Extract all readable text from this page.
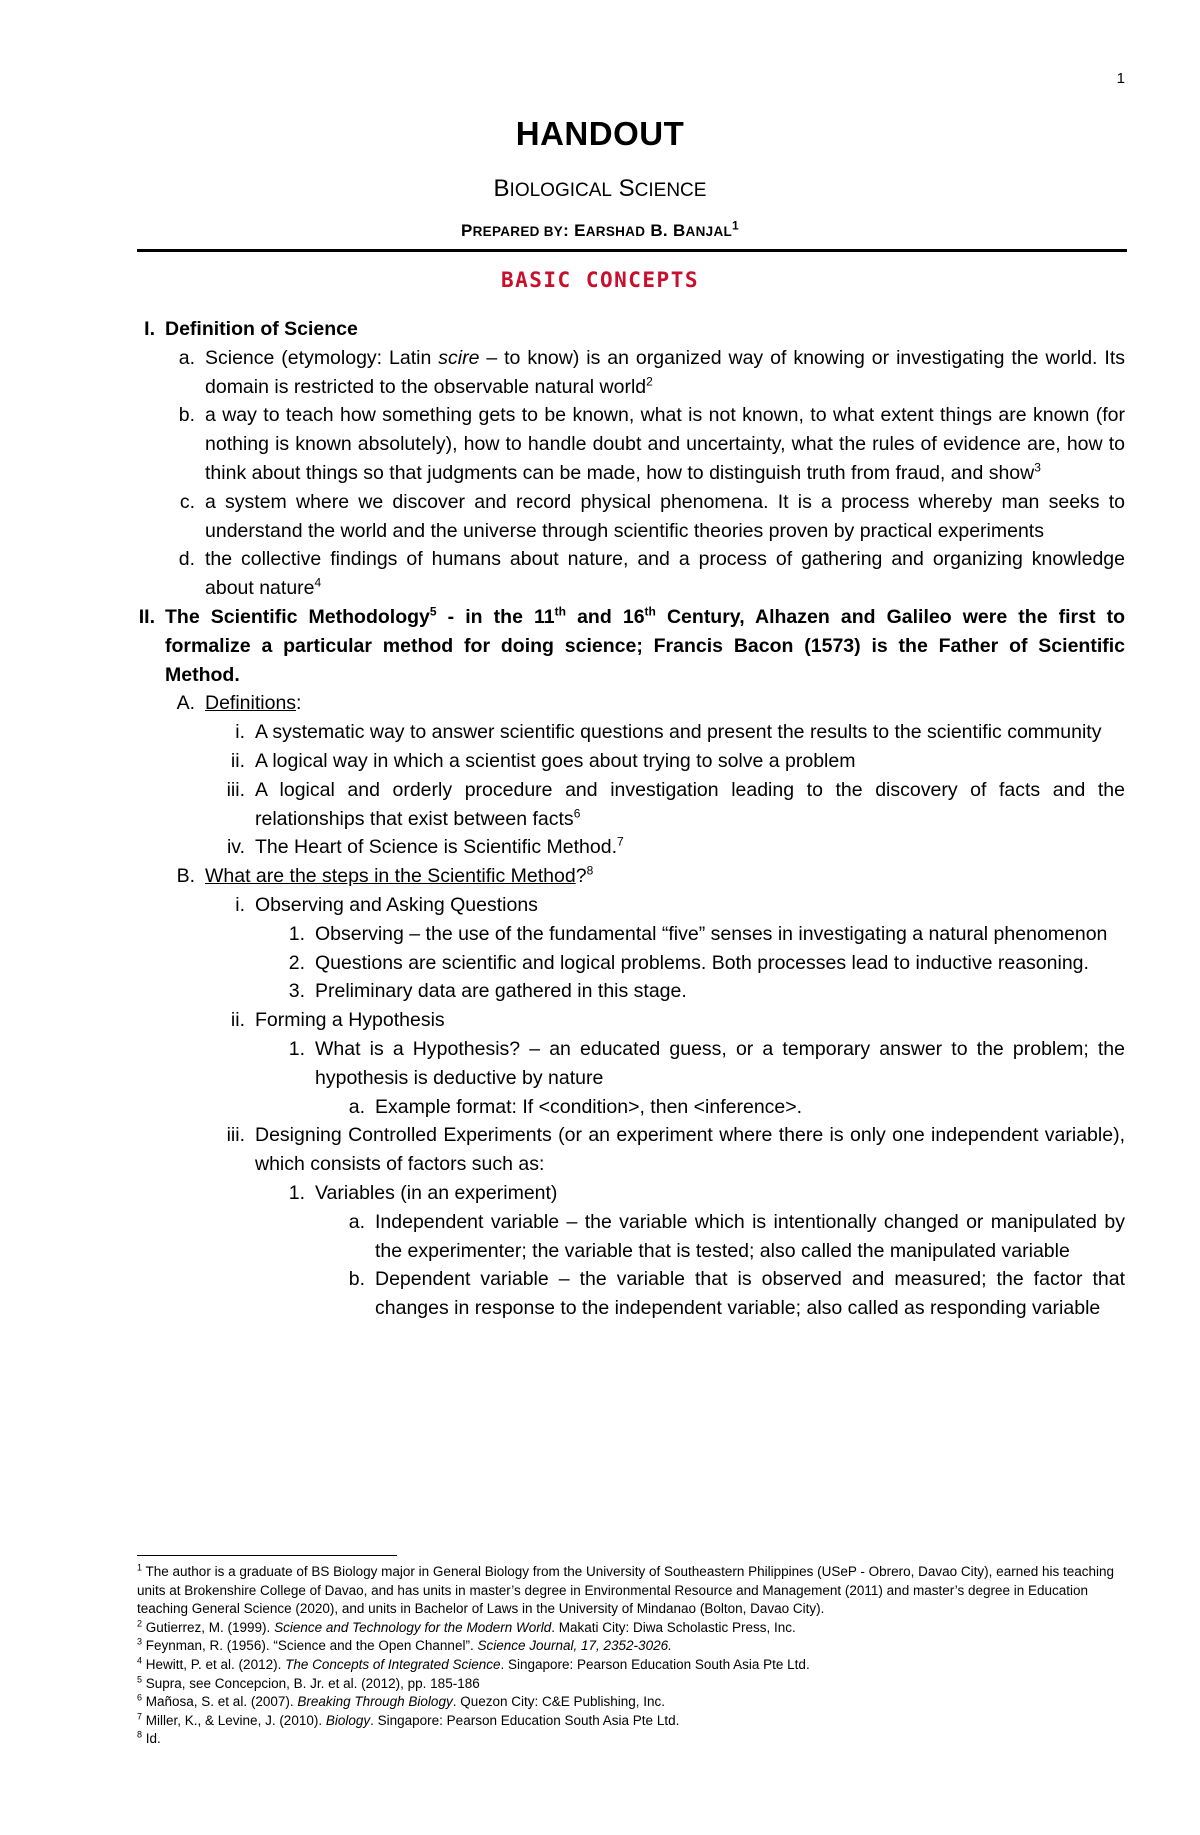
1
HANDOUT
BIOLOGICAL SCIENCE
PREPARED BY: EARSHAD B. BANJAL$^1$
BASIC CONCEPTS
I. Definition of Science
a. Science (etymology: Latin scire – to know) is an organized way of knowing or investigating the world. Its domain is restricted to the observable natural world$^2$
b. a way to teach how something gets to be known, what is not known, to what extent things are known (for nothing is known absolutely), how to handle doubt and uncertainty, what the rules of evidence are, how to think about things so that judgments can be made, how to distinguish truth from fraud, and show$^3$
c. a system where we discover and record physical phenomena. It is a process whereby man seeks to understand the world and the universe through scientific theories proven by practical experiments
d. the collective findings of humans about nature, and a process of gathering and organizing knowledge about nature$^4$
II. The Scientific Methodology$^5$ - in the 11th and 16th Century, Alhazen and Galileo were the first to formalize a particular method for doing science; Francis Bacon (1573) is the Father of Scientific Method.
A. Definitions:
i. A systematic way to answer scientific questions and present the results to the scientific community
ii. A logical way in which a scientist goes about trying to solve a problem
iii. A logical and orderly procedure and investigation leading to the discovery of facts and the relationships that exist between facts$^6$
iv. The Heart of Science is Scientific Method.$^7$
B. What are the steps in the Scientific Method?$^8$
i. Observing and Asking Questions
1. Observing – the use of the fundamental “five” senses in investigating a natural phenomenon
2. Questions are scientific and logical problems. Both processes lead to inductive reasoning.
3. Preliminary data are gathered in this stage.
ii. Forming a Hypothesis
1. What is a Hypothesis? – an educated guess, or a temporary answer to the problem; the hypothesis is deductive by nature
a. Example format: If <condition>, then <inference>.
iii. Designing Controlled Experiments (or an experiment where there is only one independent variable), which consists of factors such as:
1. Variables (in an experiment)
a. Independent variable – the variable which is intentionally changed or manipulated by the experimenter; the variable that is tested; also called the manipulated variable
b. Dependent variable – the variable that is observed and measured; the factor that changes in response to the independent variable; also called as responding variable
$^1$ The author is a graduate of BS Biology major in General Biology from the University of Southeastern Philippines (USeP - Obrero, Davao City), earned his teaching units at Brokenshire College of Davao, and has units in master’s degree in Environmental Resource and Management (2011) and master’s degree in Education teaching General Science (2020), and units in Bachelor of Laws in the University of Mindanao (Bolton, Davao City).
$^2$ Gutierrez, M. (1999). Science and Technology for the Modern World. Makati City: Diwa Scholastic Press, Inc.
$^3$ Feynman, R. (1956). “Science and the Open Channel”. Science Journal, 17, 2352-3026.
$^4$ Hewitt, P. et al. (2012). The Concepts of Integrated Science. Singapore: Pearson Education South Asia Pte Ltd.
$^5$ Supra, see Concepcion, B. Jr. et al. (2012), pp. 185-186
$^6$ Mañosa, S. et al. (2007). Breaking Through Biology. Quezon City: C&E Publishing, Inc.
$^7$ Miller, K., & Levine, J. (2010). Biology. Singapore: Pearson Education South Asia Pte Ltd.
$^8$ Id.
